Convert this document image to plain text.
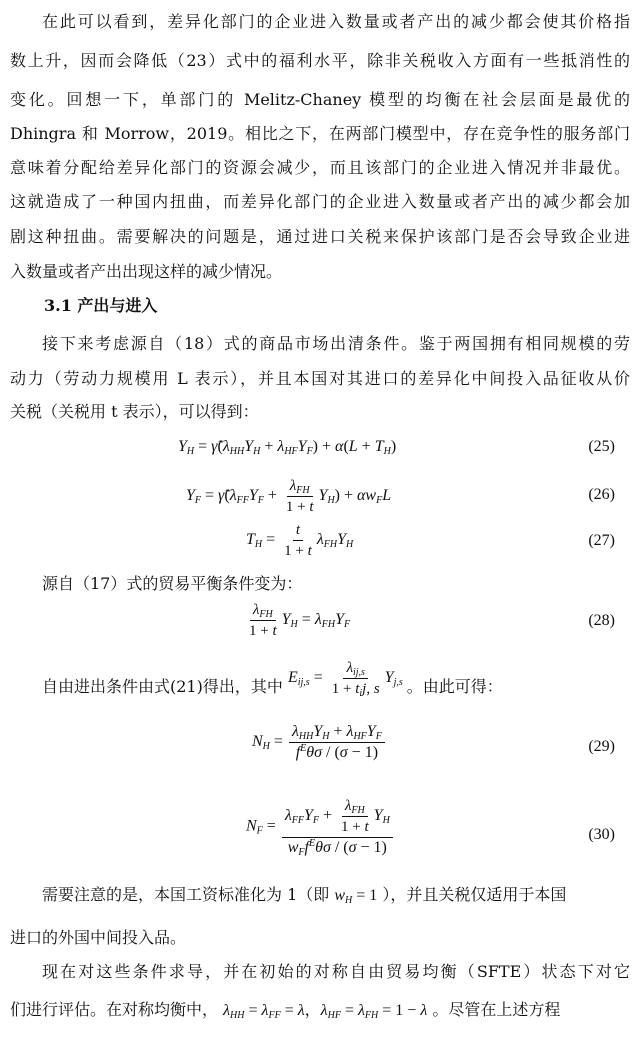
在此可以看到，差异化部门的企业进入数量或者产出的减少都会使其价格指
数上升，因而会降低（23）式中的福利水平，除非关税收入方面有一些抵消性的
变化。回想一下，单部门的 Melitz-Chaney 模型的均衡在社会层面是最优的
Dhingra 和 Morrow，2019。相比之下，在两部门模型中，存在竞争性的服务部门
意味着分配给差异化部门的资源会减少，而且该部门的企业进入情况并非最优。
这就造成了一种国内扭曲，而差异化部门的企业进入数量或者产出的减少都会加
剧这种扭曲。需要解决的问题是，通过进口关税来保护该部门是否会导致企业进
入数量或者产出出现这样的减少情况。
3.1 产出与进入
接下来考虑源自（18）式的商品市场出清条件。鉴于两国拥有相同规模的劳
动力（劳动力规模用 L 表示），并且本国对其进口的差异化中间投入品征收从价
关税（关税用 t 表示），可以得到：
$Y_H$ = $\gammã(\lambda_{HH}Y_H + \lambda_{HF}Y_F) + \alpha(L + T_H)$	(25)
$Y_F$ = $\gammã(\lambda_{FF}Y_F + \frac{\lambda_{FH}}{1 + t} Y_H) + \alpha w_FL$	(26)
$T_H = \frac{t}{1 + t} \lambda_{FH}Y_H$	(27)
源自（17）式的贸易平衡条件变为：
$\frac{\lambda_{FH}}{1 + t} Y_H = \lambda_{FH}Y_F$	(28)
自由进出条件由式(21)得出，其中 $E_{ij,s} = \frac{\lambda_{ij,s}}{1 + t_ij, s} Y_{j,s}$ 。由此可得：
$N_H = \frac{\lambda_{HH}Y_H + \lambda_{HF}Y_F}{f^E\theta\sigma / (\sigma - 1)}$	(29)
$N_F = \frac{\lambda_{FF}Y_F + \frac{\lambda_{FH}}{1 + t} Y_H}{w_Ff^E\theta\sigma / (\sigma - 1)}$	(30)
需要注意的是，本国工资标准化为 1（即 $w_H = 1$ ），并且关税仅适用于本国
进口的外国中间投入品。
现在对这些条件求导，并在初始的对称自由贸易均衡（SFTE）状态下对它
们进行评估。在对称均衡中， $\lambda_{HH} = \lambda_{FF} = \lambda$，$\lambda_{HF} = \lambda_{FH} = 1 - \lambda$ 。尽管在上述方程
